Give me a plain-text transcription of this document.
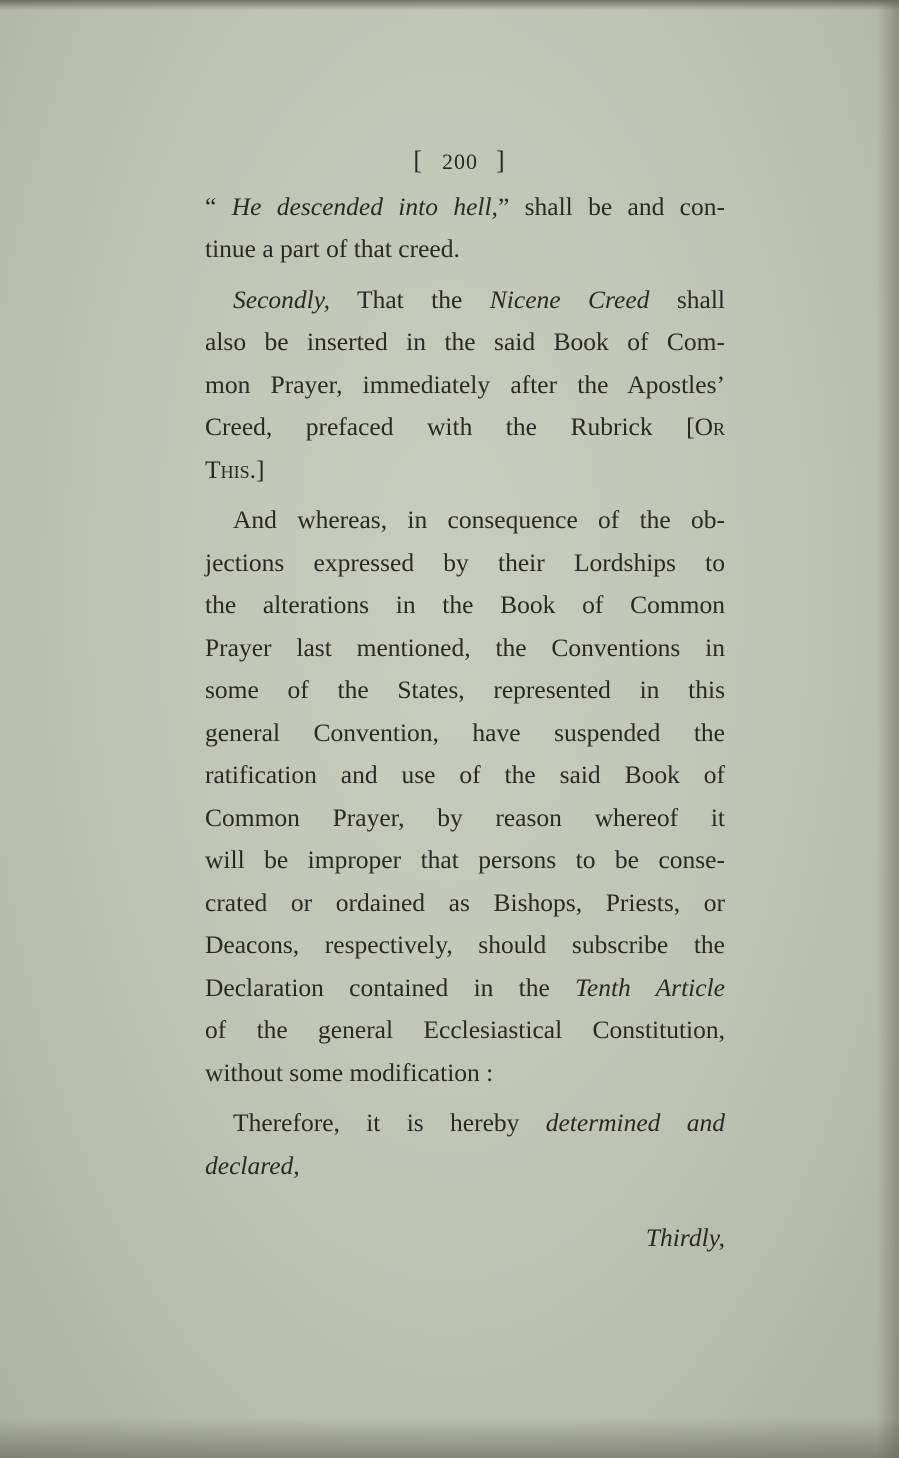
[ 200 ]
“ He descended into hell,” shall be and con-
tinue a part of that creed.
Secondly, That the Nicene Creed shall
also be inserted in the said Book of Com-
mon Prayer, immediately after the Apostles’
Creed, prefaced with the Rubrick [Or
This.]
And whereas, in consequence of the ob-
jections expressed by their Lordships to
the alterations in the Book of Common
Prayer last mentioned, the Conventions in
some of the States, represented in this
general Convention, have suspended the
ratification and use of the said Book of
Common Prayer, by reason whereof it
will be improper that persons to be conse-
crated or ordained as Bishops, Priests, or
Deacons, respectively, should subscribe the
Declaration contained in the Tenth Article
of the general Ecclesiastical Constitution,
without some modification :
Therefore, it is hereby determined and
declared,
Thirdly,
